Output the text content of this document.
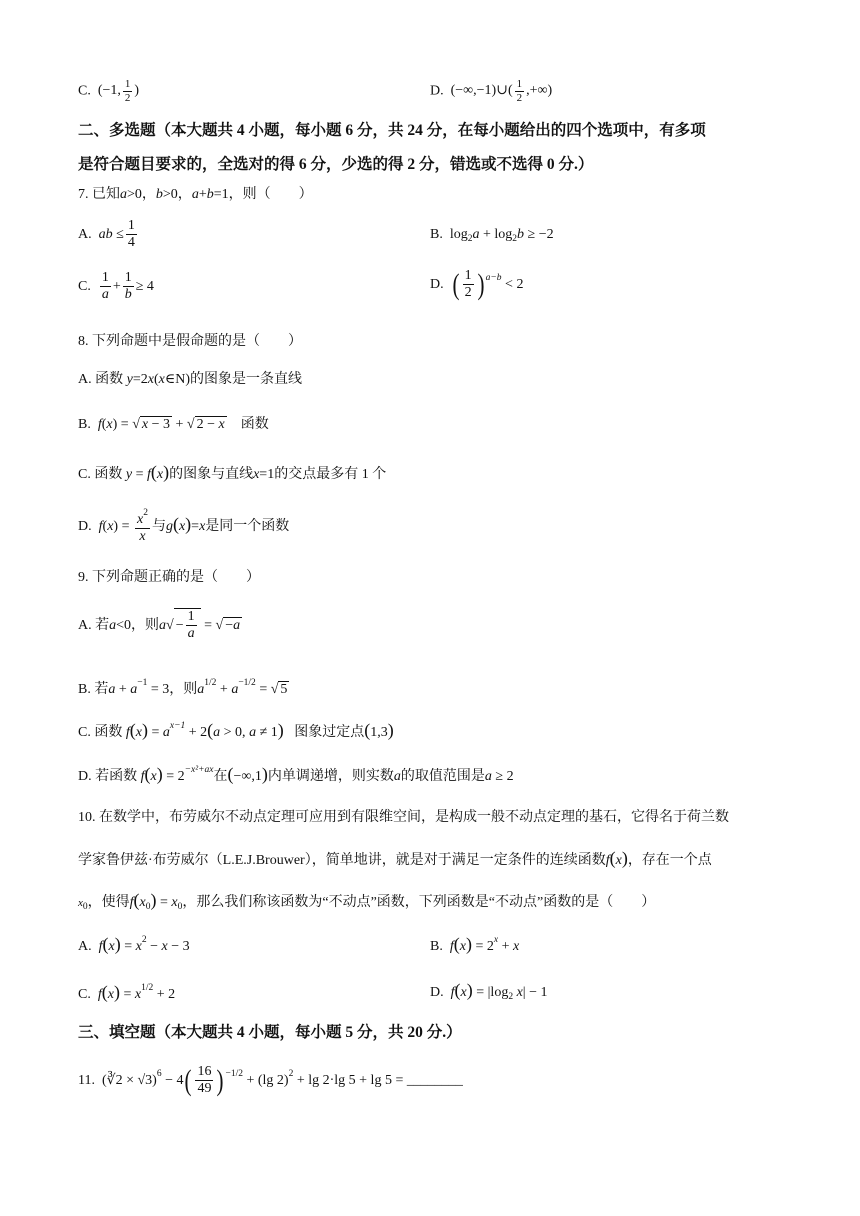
C.  (−1, $\frac{1}{2}$ )	D.  (−∞,−1)∪( $\frac{1}{2}$ ,+∞)
二、多选题（本大题共 4 小题，每小题 6 分，共 24 分，在每小题给出的四个选项中，有多项
是符合题目要求的，全选对的得 6 分，少选的得 2 分，错选或不选得 0 分.）
7. 已知a>0，b>0，a+b=1，则（　　）
A. ab ≤ $\frac{1}{4}$	B.  $\log_2a + \log_2b \ge -2$
C. $\frac{1}{a} + \frac{1}{b} \ge 4$	D. ( $\frac{1}{2}$ ) $^{a-b}$ < 2
8. 下列命题中是假命题的是（　　）
A. 函数 y=2x(x∈N)的图象是一条直线
B. f(x) = √ x − 3 + √ 2 − x 函数
C. 函数 y = f(x)的图象与直线x=1的交点最多有 1 个
D. $f(x) = \frac{x^2}{x}$ 与g(x)=x是同一个函数
9. 下列命题正确的是（　　）
A. 若a<0，则$a√ - \frac{1}{a}$ = √ −a
B. 若$a + a^{-1} = 3$，则$a^{1/2} + a^{-1/2}$ = √ 5
C. 函数 $f(x) = a^{x-1} + 2(a > 0$, a ≠ 1) 图象过定点(1,3)
D. 若函数 $f(x) = 2^{-x^2+ax}$在(−∞,1)内单调递增，则实数a的取值范围是a ≥ 2
10. 在数学中，布劳威尔不动点定理可应用到有限维空间，是构成一般不动点定理的基石，它得名于荷兰数
学家鲁伊兹·布劳威尔（L.E.J.Brouwer），简单地讲，就是对于满足一定条件的连续函数f(x)，存在一个点
$x_0$，使得$f(x_0) = x_0$，那么我们称该函数为“不动点”函数，下列函数是“不动点”函数的是（　　）
A. $f(x) = x^2 - x - 3$	B. $f(x) = 2^x + x$
C. $f(x) = x^{1/2} + 2$	D. $f(x) = |\log_2$ x| − 1
三、填空题（本大题共 4 小题，每小题 5 分，共 20 分.）
11.  (∛2 × $√3)^6 - 4( \frac{16}{49}$ ) $^{-1/2}$ + (lg 2)$^2$ + lg 2·lg 5 + lg 5 = ________
